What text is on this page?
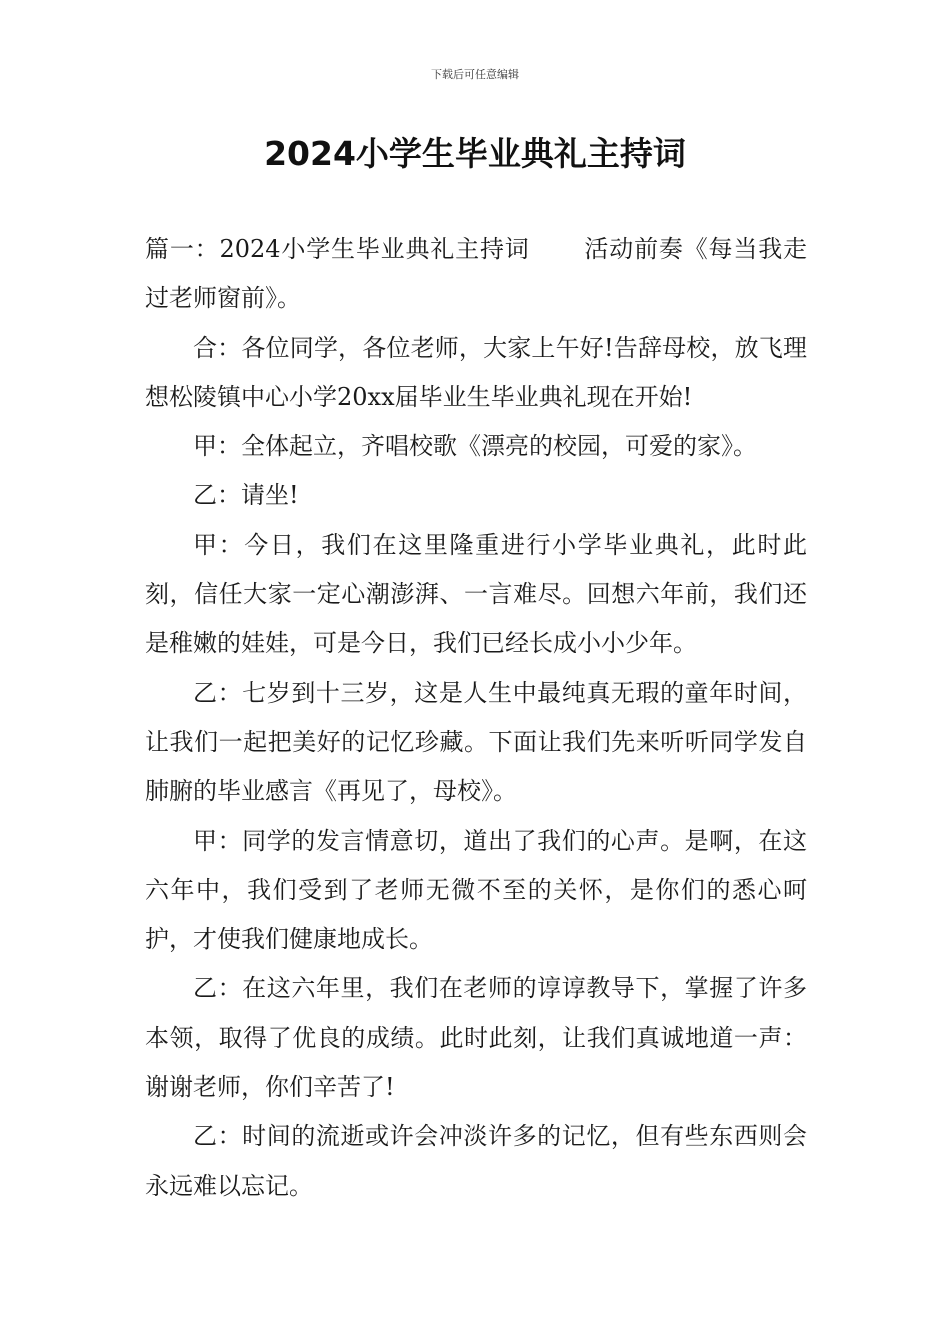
下载后可任意编辑
2024小学生毕业典礼主持词

篇一：2024小学生毕业典礼主持词 活动前奏《每当我走过老师窗前》。

合：各位同学，各位老师，大家上午好!告辞母校，放飞理想松陵镇中心小学20xx届毕业生毕业典礼现在开始!

甲：全体起立，齐唱校歌《漂亮的校园，可爱的家》。

乙：请坐!

甲：今日，我们在这里隆重进行小学毕业典礼，此时此刻，信任大家一定心潮澎湃、一言难尽。回想六年前，我们还是稚嫩的娃娃，可是今日，我们已经长成小小少年。

乙：七岁到十三岁，这是人生中最纯真无瑕的童年时间，让我们一起把美好的记忆珍藏。下面让我们先来听听同学发自肺腑的毕业感言《再见了，母校》。

甲：同学的发言情意切，道出了我们的心声。是啊，在这六年中，我们受到了老师无微不至的关怀，是你们的悉心呵护，才使我们健康地成长。

乙：在这六年里，我们在老师的谆谆教导下，掌握了许多本领，取得了优良的成绩。此时此刻，让我们真诚地道一声：谢谢老师，你们辛苦了!

乙：时间的流逝或许会冲淡许多的记忆，但有些东西则会永远难以忘记。
